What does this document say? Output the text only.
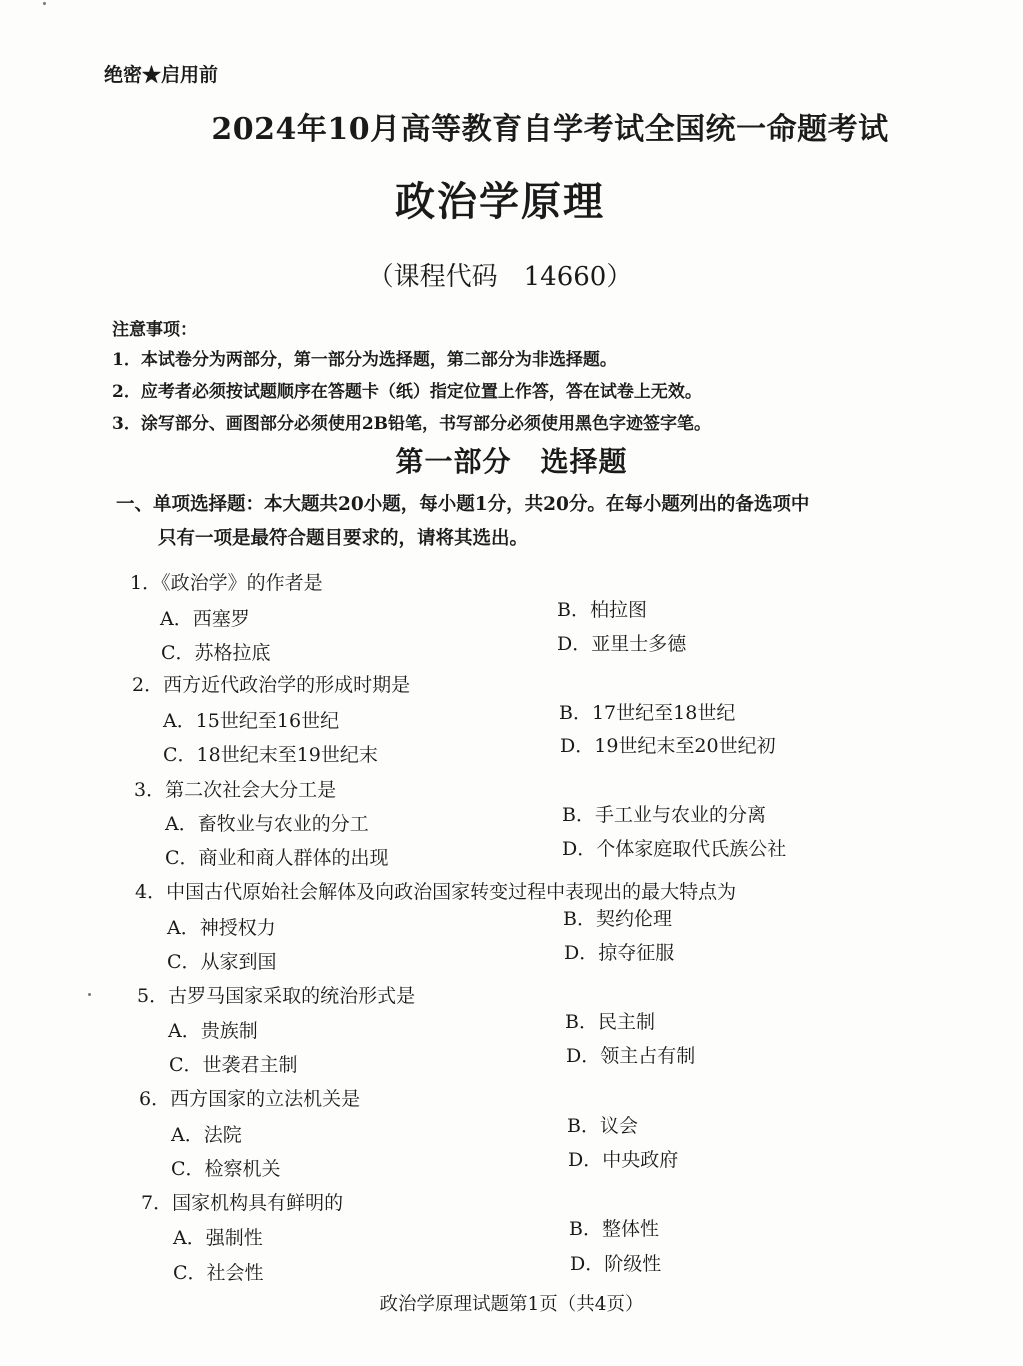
绝密★启用前
2024年10月高等教育自学考试全国统一命题考试
政治学原理
（课程代码　14660）
注意事项：
1．本试卷分为两部分，第一部分为选择题，第二部分为非选择题。
2．应考者必须按试题顺序在答题卡（纸）指定位置上作答，答在试卷上无效。
3．涂写部分、画图部分必须使用2B铅笔，书写部分必须使用黑色字迹签字笔。
第一部分　选择题
一、单项选择题：本大题共20小题，每小题1分，共20分。在每小题列出的备选项中
只有一项是最符合题目要求的，请将其选出。
1．《政治学》的作者是
A．西塞罗	B．柏拉图
C．苏格拉底	D．亚里士多德
2．西方近代政治学的形成时期是
A．15世纪至16世纪	B．17世纪至18世纪
C．18世纪末至19世纪末	D．19世纪末至20世纪初
3．第二次社会大分工是
A．畜牧业与农业的分工	B．手工业与农业的分离
C．商业和商人群体的出现	D．个体家庭取代氏族公社
4．中国古代原始社会解体及向政治国家转变过程中表现出的最大特点为
A．神授权力	B．契约伦理
C．从家到国	D．掠夺征服
5．古罗马国家采取的统治形式是
A．贵族制	B．民主制
C．世袭君主制	D．领主占有制
6．西方国家的立法机关是
A．法院	B．议会
C．检察机关	D．中央政府
7．国家机构具有鲜明的
A．强制性	B．整体性
C．社会性	D．阶级性
政治学原理试题第1页（共4页）
